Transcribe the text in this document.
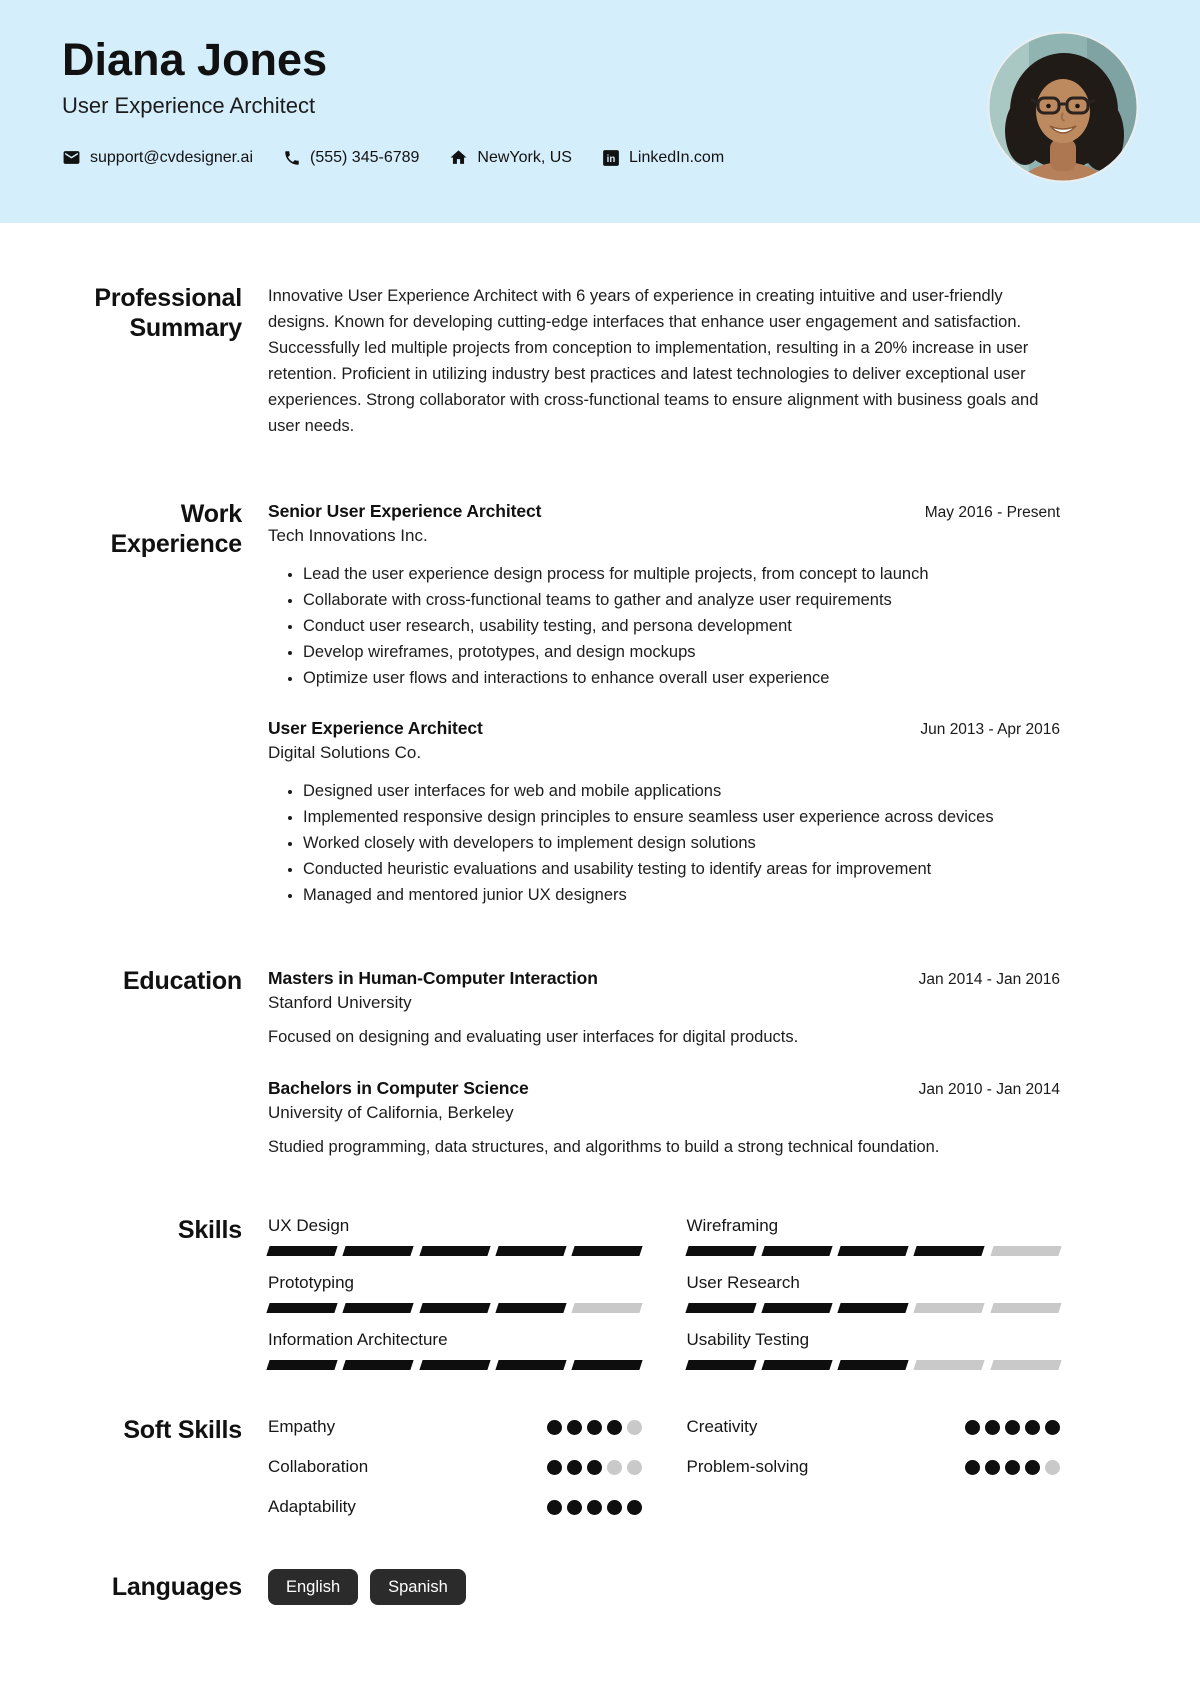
Diana Jones
User Experience Architect
support@cvdesigner.ai	(555) 345-6789	NewYork, US	in LinkedIn.com
Professional Summary
Innovative User Experience Architect with 6 years of experience in creating intuitive and user-friendly designs. Known for developing cutting-edge interfaces that enhance user engagement and satisfaction. Successfully led multiple projects from conception to implementation, resulting in a 20% increase in user retention. Proficient in utilizing industry best practices and latest technologies to deliver exceptional user experiences. Strong collaborator with cross-functional teams to ensure alignment with business goals and user needs.
Work Experience
Senior User Experience Architect	May 2016 - Present
Tech Innovations Inc.
• Lead the user experience design process for multiple projects, from concept to launch
• Collaborate with cross-functional teams to gather and analyze user requirements
• Conduct user research, usability testing, and persona development
• Develop wireframes, prototypes, and design mockups
• Optimize user flows and interactions to enhance overall user experience
User Experience Architect	Jun 2013 - Apr 2016
Digital Solutions Co.
• Designed user interfaces for web and mobile applications
• Implemented responsive design principles to ensure seamless user experience across devices
• Worked closely with developers to implement design solutions
• Conducted heuristic evaluations and usability testing to identify areas for improvement
• Managed and mentored junior UX designers
Education Masters in Human-Computer Interaction	Jan 2014 - Jan 2016
Stanford University
Focused on designing and evaluating user interfaces for digital products.
Bachelors in Computer Science	Jan 2010 - Jan 2014
University of California, Berkeley
Studied programming, data structures, and algorithms to build a strong technical foundation.
Skills UX Design	Wireframing
Prototyping	User Research
Information Architecture	Usability Testing
Soft Skills Empathy	Creativity
Collaboration	Problem-solving
Adaptability
Languages	English	Spanish
